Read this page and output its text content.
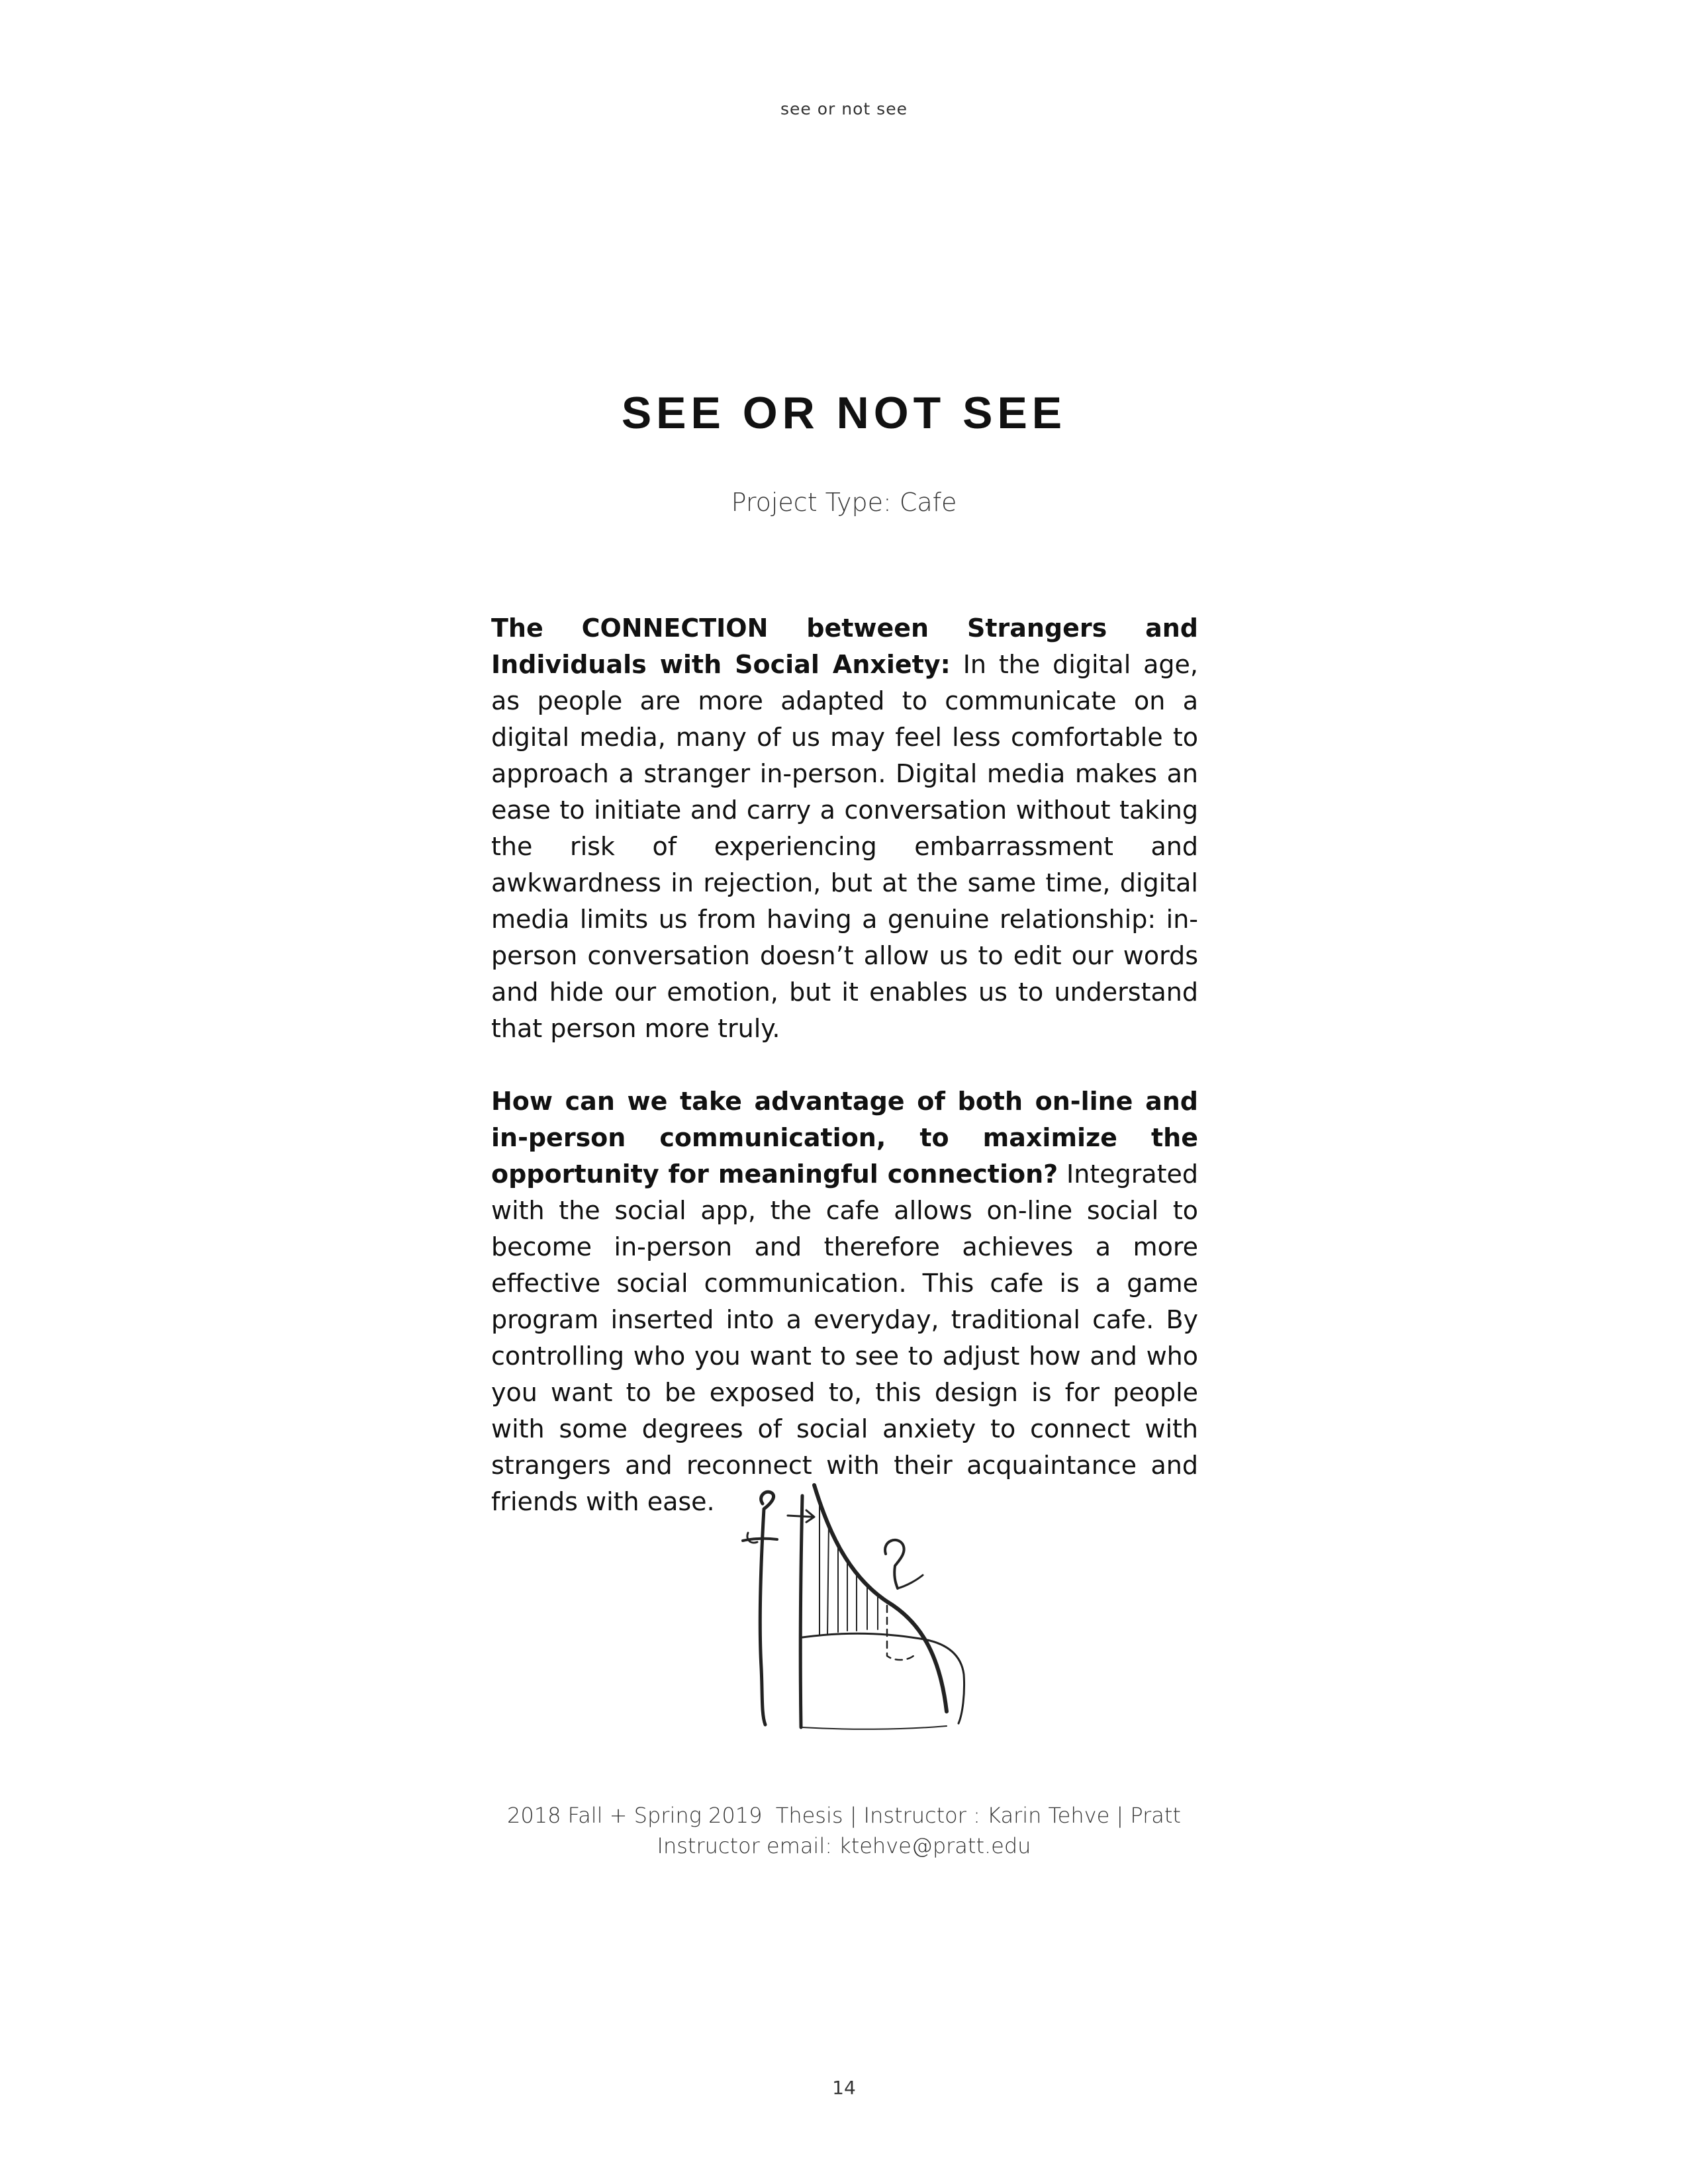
see or not see
SEE OR NOT SEE
Project Type: Cafe

The CONNECTION between Strangers and Individuals with Social Anxiety: In the digital age, as people are more adapted to communicate on a digital media, many of us may feel less comfortable to approach a stranger in-person. Digital media makes an ease to initiate and carry a conversation without taking the risk of experiencing embarrassment and awkwardness in rejection, but at the same time, digital media limits us from having a genuine relationship: in-person conversation doesn’t allow us to edit our words and hide our emotion, but it enables us to understand that person more truly.

How can we take advantage of both on-line and in-person communication, to maximize the opportunity for meaningful connection? Integrated with the social app, the cafe allows on-line social to become in-person and therefore achieves a more effective social communication. This cafe is a game program inserted into a everyday, traditional cafe. By controlling who you want to see to adjust how and who you want to be exposed to, this design is for people with some degrees of social anxiety to connect with strangers and reconnect with their acquaintance and friends with ease.

2018 Fall + Spring 2019  Thesis | Instructor : Karin Tehve | Pratt
Instructor email: ktehve@pratt.edu
14
